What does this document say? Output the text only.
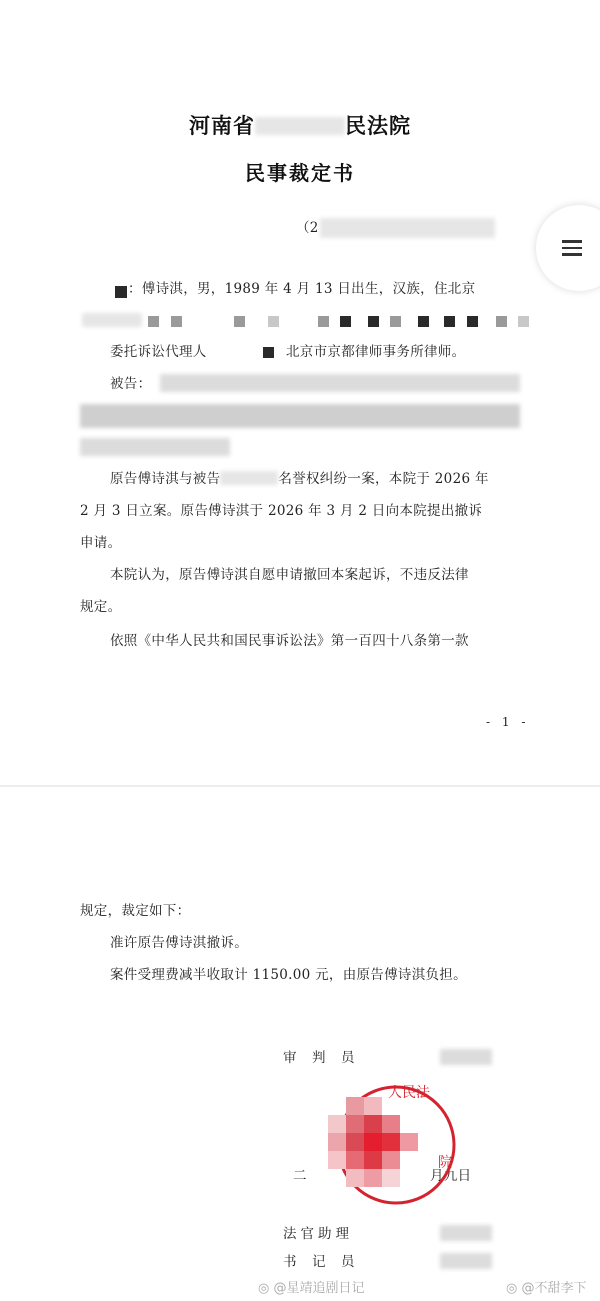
河南省	民法院
民事裁定书
（2
：傅诗淇，男，1989 年 4 月 13 日出生，汉族，住北京
委托诉讼代理人	北京市京都律师事务所律师。
被告：
原告傅诗淇与被告	名誉权纠纷一案，本院于 2026 年
2 月 3 日立案。原告傅诗淇于 2026 年 3 月 2 日向本院提出撤诉
申请。
本院认为，原告傅诗淇自愿申请撤回本案起诉，不违反法律
规定。
依照《中华人民共和国民事诉讼法》第一百四十八条第一款
- 1 -
规定，裁定如下：
准许原告傅诗淇撤诉。
案件受理费减半收取计 1150.00 元，由原告傅诗淇负担。
审　判　员
二	月九日
法官助理
书　记　员
人民法
院
◎ @星靖追剧日记	◎ @不甜李下
